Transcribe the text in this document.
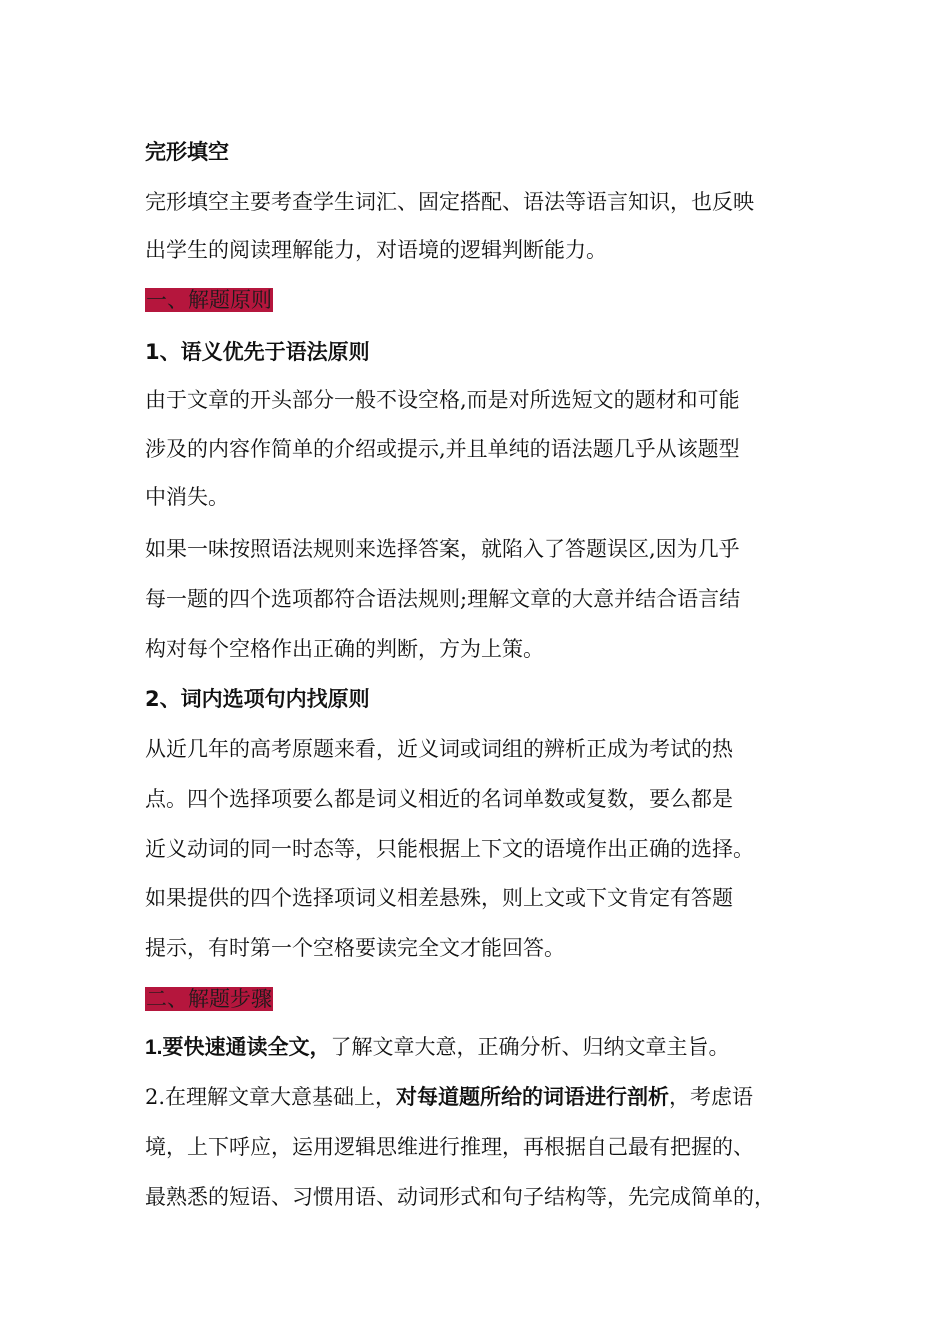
完形填空
完形填空主要考查学生词汇、固定搭配、语法等语言知识，也反映
出学生的阅读理解能力，对语境的逻辑判断能力。
一、解题原则
1、语义优先于语法原则
由于文章的开头部分一般不设空格,而是对所选短文的题材和可能
涉及的内容作简单的介绍或提示,并且单纯的语法题几乎从该题型
中消失。
如果一味按照语法规则来选择答案，就陷入了答题误区,因为几乎
每一题的四个选项都符合语法规则;理解文章的大意并结合语言结
构对每个空格作出正确的判断，方为上策。
2、词内选项句内找原则
从近几年的高考原题来看，近义词或词组的辨析正成为考试的热
点。四个选择项要么都是词义相近的名词单数或复数，要么都是
近义动词的同一时态等，只能根据上下文的语境作出正确的选择。
如果提供的四个选择项词义相差悬殊，则上文或下文肯定有答题
提示，有时第一个空格要读完全文才能回答。
二、解题步骤
1.要快速通读全文，了解文章大意，正确分析、归纳文章主旨。
2.在理解文章大意基础上，对每道题所给的词语进行剖析，考虑语
境，上下呼应，运用逻辑思维进行推理，再根据自己最有把握的、
最熟悉的短语、习惯用语、动词形式和句子结构等，先完成简单的，
